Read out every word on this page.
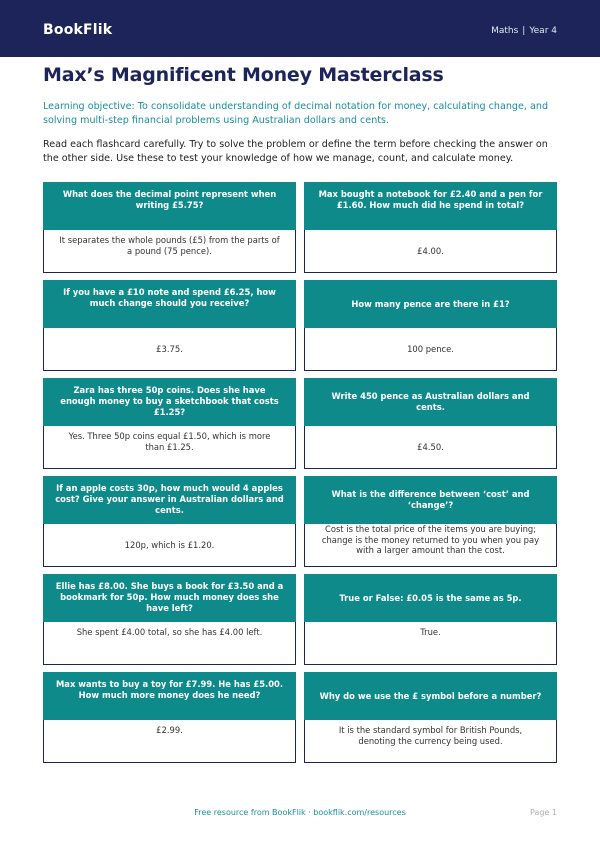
BookFlik	Maths | Year 4
Max’s Magnificent Money Masterclass
Learning objective: To consolidate understanding of decimal notation for money, calculating change, and solving multi-step financial problems using Australian dollars and cents.
Read each flashcard carefully. Try to solve the problem or define the term before checking the answer on the other side. Use these to test your knowledge of how we manage, count, and calculate money.
What does the decimal point represent when writing £5.75?
It separates the whole pounds (£5) from the parts of a pound (75 pence).
Max bought a notebook for £2.40 and a pen for £1.60. How much did he spend in total?
£4.00.
If you have a £10 note and spend £6.25, how much change should you receive?
£3.75.
How many pence are there in £1?
100 pence.
Zara has three 50p coins. Does she have enough money to buy a sketchbook that costs £1.25?
Yes. Three 50p coins equal £1.50, which is more than £1.25.
Write 450 pence as Australian dollars and cents.
£4.50.
If an apple costs 30p, how much would 4 apples cost? Give your answer in Australian dollars and cents.
120p, which is £1.20.
What is the difference between ‘cost’ and ‘change’?
Cost is the total price of the items you are buying; change is the money returned to you when you pay with a larger amount than the cost.
Ellie has £8.00. She buys a book for £3.50 and a bookmark for 50p. How much money does she have left?
She spent £4.00 total, so she has £4.00 left.
True or False: £0.05 is the same as 5p.
True.
Max wants to buy a toy for £7.99. He has £5.00. How much more money does he need?
£2.99.
Why do we use the £ symbol before a number?
It is the standard symbol for British Pounds, denoting the currency being used.
Free resource from BookFlik · bookflik.com/resources	Page 1
